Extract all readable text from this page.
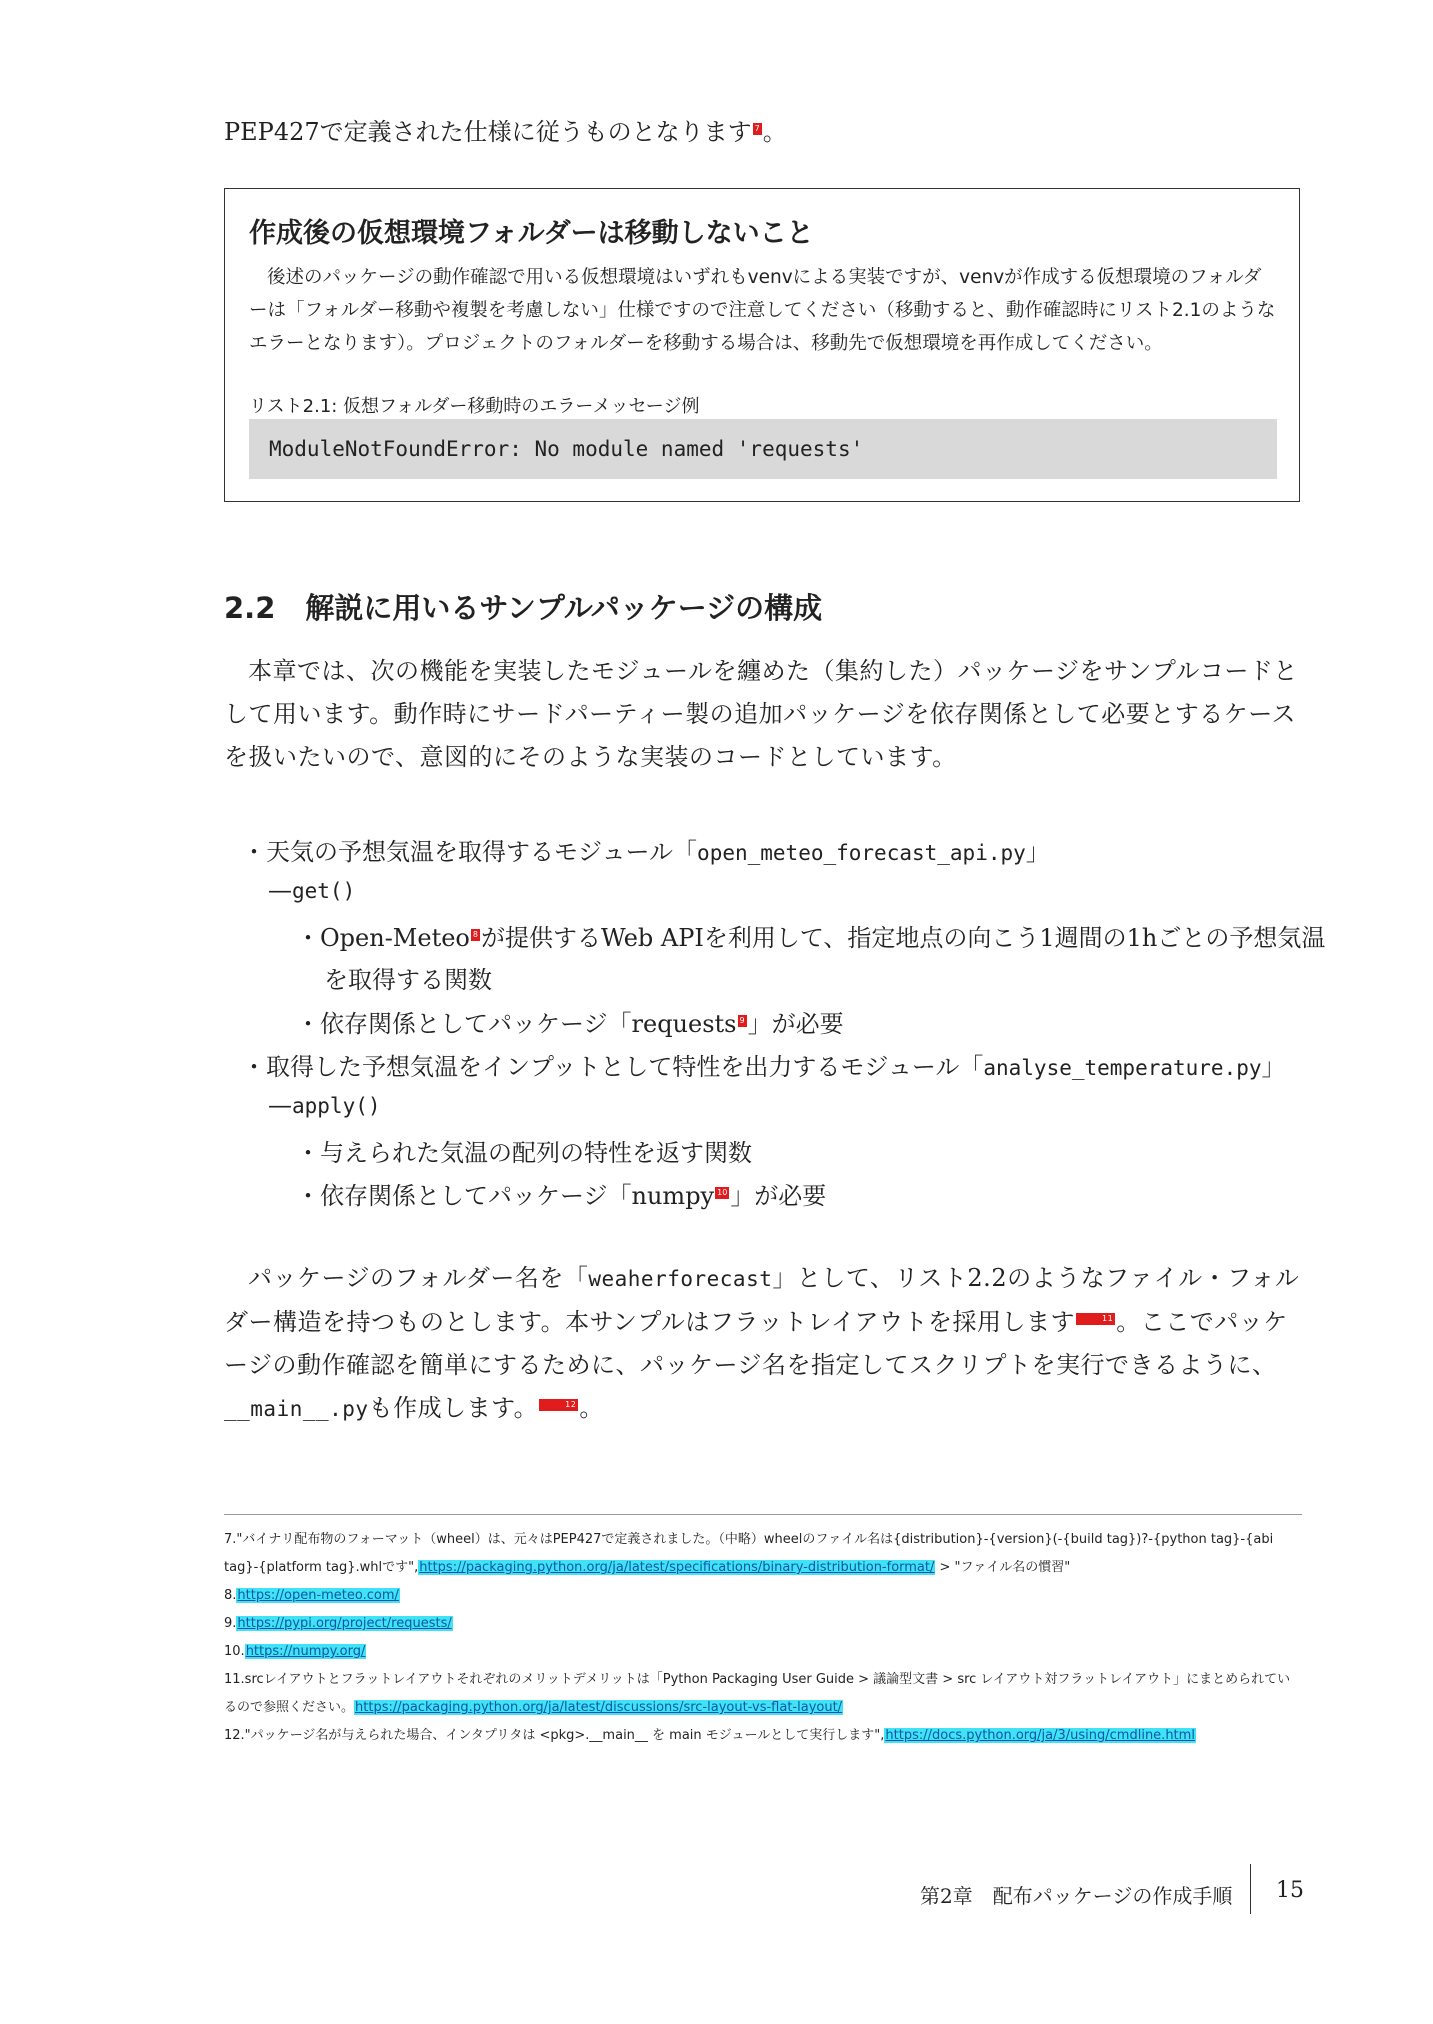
PEP427で定義された仕様に従うものとなります 7 。
作成後の仮想環境フォルダーは移動しないこと
後述のパッケージの動作確認で用いる仮想環境はいずれもvenvによる実装ですが、venvが作成する仮想環境のフォルダーは「フォルダー移動や複製を考慮しない」仕様ですので注意してください（移動すると、動作確認時にリスト2.1のようなエラーとなります）。プロジェクトのフォルダーを移動する場合は、移動先で仮想環境を再作成してください。
リスト2.1: 仮想フォルダー移動時のエラーメッセージ例
ModuleNotFoundError: No module named 'requests'
2.2 解説に用いるサンプルパッケージの構成
本章では、次の機能を実装したモジュールを纏めた（集約した）パッケージをサンプルコードとして用います。動作時にサードパーティー製の追加パッケージを依存関係として必要とするケースを扱いたいので、意図的にそのような実装のコードとしています。
・天気の予想気温を取得するモジュール「open_meteo_forecast_api.py」
—get()
・Open-Meteo 8 が提供するWeb APIを利用して、指定地点の向こう1週間の1hごとの予想気温
を取得する関数
・依存関係としてパッケージ「requests 9 」が必要
・取得した予想気温をインプットとして特性を出力するモジュール「analyse_temperature.py」
—apply()
・与えられた気温の配列の特性を返す関数
・依存関係としてパッケージ「numpy 10 」が必要
パッケージのフォルダー名を「weaherforecast」として、リスト2.2のようなファイル・フォルダー構造を持つものとします。本サンプルはフラットレイアウトを採用します	11 。ここでパッケージの動作確認を簡単にするために、パッケージ名を指定してスクリプトを実行できるように、__main__.pyも作成します。	12 。
7."バイナリ配布物のフォーマット（wheel）は、元々はPEP427で定義されました。（中略）wheelのファイル名は{distribution}-{version}(-{build tag})?-{python tag}-{abi tag}-{platform tag}.whlです",https://packaging.python.org/ja/latest/specifications/binary-distribution-format/ > "ファイル名の慣習"
8.https://open-meteo.com/
9.https://pypi.org/project/requests/
10.https://numpy.org/
11.srcレイアウトとフラットレイアウトそれぞれのメリットデメリットは「Python Packaging User Guide > 議論型文書 > src レイアウト対フラットレイアウト」にまとめられているので参照ください。https://packaging.python.org/ja/latest/discussions/src-layout-vs-flat-layout/
12."パッケージ名が与えられた場合、インタプリタは <pkg>.__main__ を main モジュールとして実行します",https://docs.python.org/ja/3/using/cmdline.html
第2章　配布パッケージの作成手順 15
